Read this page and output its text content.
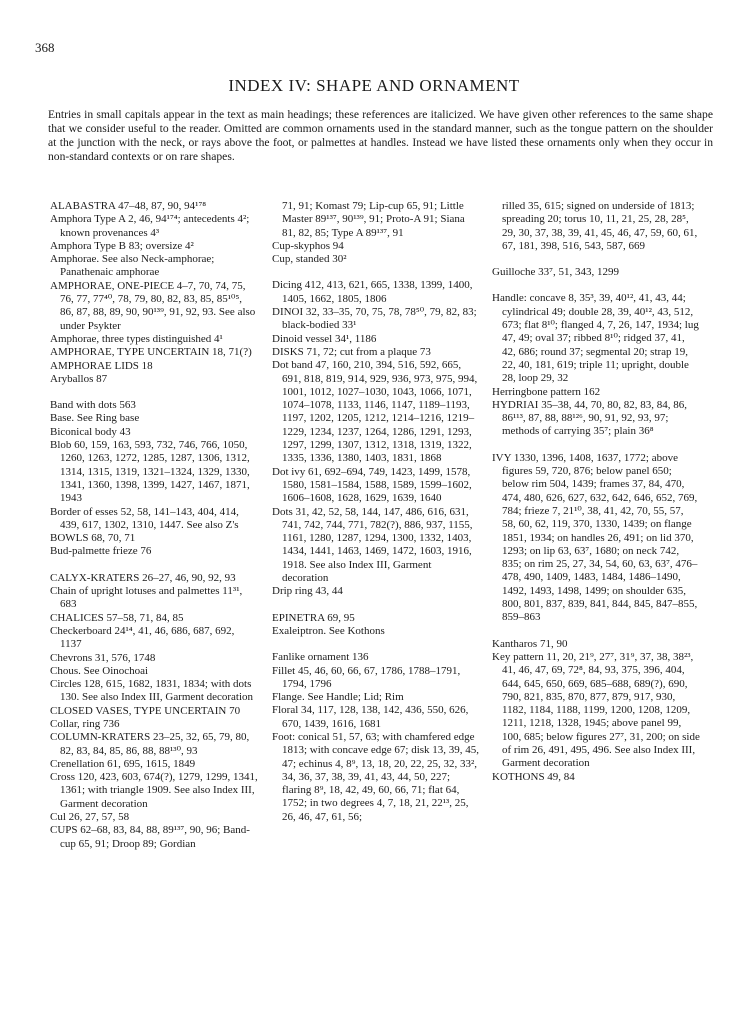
368
INDEX IV: SHAPE AND ORNAMENT
Entries in small capitals appear in the text as main headings; these references are italicized. We have given other references to the same shape that we consider useful to the reader. Omitted are common ornaments used in the standard manner, such as the tongue pattern on the shoulder at the junction with the neck, or rays above the foot, or palmettes at handles. Instead we have listed these ornaments only when they occur in non-standard contexts or on rare shapes.
ALABASTRA 47–48, 87, 90, 94¹⁷⁸
Amphora Type A 2, 46, 94¹⁷⁴; antecedents 4²; known provenances 4³
Amphora Type B 83; oversize 4²
Amphorae. See also Neck-amphorae; Panathenaic amphorae
AMPHORAE, ONE-PIECE 4–7, 70, 74, 75, 76, 77, 77⁴⁰, 78, 79, 80, 82, 83, 85, 85¹⁰⁵, 86, 87, 88, 89, 90, 90¹³⁹, 91, 92, 93. See also under Psykter
Amphorae, three types distinguished 4¹
AMPHORAE, TYPE UNCERTAIN 18, 71(?)
AMPHORAE LIDS 18
Aryballos 87
Band with dots 563
Base. See Ring base
Biconical body 43
Blob 60, 159, 163, 593, 732, 746, 766, 1050, 1260, 1263, 1272, 1285, 1287, 1306, 1312, 1314, 1315, 1319, 1321–1324, 1329, 1330, 1341, 1360, 1398, 1399, 1427, 1467, 1871, 1943
Border of esses 52, 58, 141–143, 404, 414, 439, 617, 1302, 1310, 1447. See also Z's
BOWLS 68, 70, 71
Bud-palmette frieze 76
CALYX-KRATERS 26–27, 46, 90, 92, 93
Chain of upright lotuses and palmettes 11³¹, 683
CHALICES 57–58, 71, 84, 85
Checkerboard 24¹⁴, 41, 46, 686, 687, 692, 1137
Chevrons 31, 576, 1748
Chous. See Oinochoai
Circles 128, 615, 1682, 1831, 1834; with dots 130. See also Index III, Garment decoration
CLOSED VASES, TYPE UNCERTAIN 70
Collar, ring 736
COLUMN-KRATERS 23–25, 32, 65, 79, 80, 82, 83, 84, 85, 86, 88, 88¹³⁰, 93
Crenellation 61, 695, 1615, 1849
Cross 120, 423, 603, 674(?), 1279, 1299, 1341, 1361; with triangle 1909. See also Index III, Garment decoration
Cul 26, 27, 57, 58
CUPS 62–68, 83, 84, 88, 89¹³⁷, 90, 96; Band-cup 65, 91; Droop 89; Gordian
71, 91; Komast 79; Lip-cup 65, 91; Little Master 89¹³⁷, 90¹³⁹, 91; Proto-A 91; Siana 81, 82, 85; Type A 89¹³⁷, 91
Cup-skyphos 94
Cup, standed 30²
Dicing 412, 413, 621, 665, 1338, 1399, 1400, 1405, 1662, 1805, 1806
DINOI 32, 33–35, 70, 75, 78, 78⁵⁰, 79, 82, 83; black-bodied 33¹
Dinoid vessel 34¹, 1186
DISKS 71, 72; cut from a plaque 73
Dot band 47, 160, 210, 394, 516, 592, 665, 691, 818, 819, 914, 929, 936, 973, 975, 994, 1001, 1012, 1027–1030, 1043, 1066, 1071, 1074–1078, 1133, 1146, 1147, 1189–1193, 1197, 1202, 1205, 1212, 1214–1216, 1219–1229, 1234, 1237, 1264, 1286, 1291, 1293, 1297, 1299, 1307, 1312, 1318, 1319, 1322, 1335, 1336, 1380, 1403, 1831, 1868
Dot ivy 61, 692–694, 749, 1423, 1499, 1578, 1580, 1581–1584, 1588, 1589, 1599–1602, 1606–1608, 1628, 1629, 1639, 1640
Dots 31, 42, 52, 58, 144, 147, 486, 616, 631, 741, 742, 744, 771, 782(?), 886, 937, 1155, 1161, 1280, 1287, 1294, 1300, 1332, 1403, 1434, 1441, 1463, 1469, 1472, 1603, 1916, 1918. See also Index III, Garment decoration
Drip ring 43, 44
EPINETRA 69, 95
Exaleiptron. See Kothons
Fanlike ornament 136
Fillet 45, 46, 60, 66, 67, 1786, 1788–1791, 1794, 1796
Flange. See Handle; Lid; Rim
Floral 34, 117, 128, 138, 142, 436, 550, 626, 670, 1439, 1616, 1681
Foot: conical 51, 57, 63; with chamfered edge 1813; with concave edge 67; disk 13, 39, 45, 47; echinus 4, 8⁹, 13, 18, 20, 22, 25, 32, 33², 34, 36, 37, 38, 39, 41, 43, 44, 50, 227; flaring 8⁹, 18, 42, 49, 60, 66, 71; flat 64, 1752; in two degrees 4, 7, 18, 21, 22¹³, 25, 26, 46, 47, 61, 56;
rilled 35, 615; signed on underside of 1813; spreading 20; torus 10, 11, 21, 25, 28, 28⁵, 29, 30, 37, 38, 39, 41, 45, 46, 47, 59, 60, 61, 67, 181, 398, 516, 543, 587, 669
Guilloche 33⁷, 51, 343, 1299
Handle: concave 8, 35³, 39, 40¹², 41, 43, 44; cylindrical 49; double 28, 39, 40¹², 43, 512, 673; flat 8¹⁰; flanged 4, 7, 26, 147, 1934; lug 47, 49; oval 37; ribbed 8¹⁰; ridged 37, 41, 42, 686; round 37; segmental 20; strap 19, 22, 40, 181, 619; triple 11; upright, double 28, loop 29, 32
Herringbone pattern 162
HYDRIAI 35–38, 44, 70, 80, 82, 83, 84, 86, 86¹¹³, 87, 88, 88¹²⁶, 90, 91, 92, 93, 97; methods of carrying 35⁷; plain 36⁸
IVY 1330, 1396, 1408, 1637, 1772; above figures 59, 720, 876; below panel 650; below rim 504, 1439; frames 37, 84, 470, 474, 480, 626, 627, 632, 642, 646, 652, 769, 784; frieze 7, 21¹⁰, 38, 41, 42, 70, 55, 57, 58, 60, 62, 119, 370, 1330, 1439; on flange 1851, 1934; on handles 26, 491; on lid 370, 1293; on lip 63, 63⁷, 1680; on neck 742, 835; on rim 25, 27, 34, 54, 60, 63, 63⁷, 476–478, 490, 1409, 1483, 1484, 1486–1490, 1492, 1493, 1498, 1499; on shoulder 635, 800, 801, 837, 839, 841, 844, 845, 847–855, 859–863
Kantharos 71, 90
Key pattern 11, 20, 21⁹, 27⁷, 31⁹, 37, 38, 38²³, 41, 46, 47, 69, 72⁸, 84, 93, 375, 396, 404, 644, 645, 650, 669, 685–688, 689(?), 690, 790, 821, 835, 870, 877, 879, 917, 930, 1182, 1184, 1188, 1199, 1200, 1208, 1209, 1211, 1218, 1328, 1945; above panel 99, 100, 685; below figures 27⁷, 31, 200; on side of rim 26, 491, 495, 496. See also Index III, Garment decoration
KOTHONS 49, 84
